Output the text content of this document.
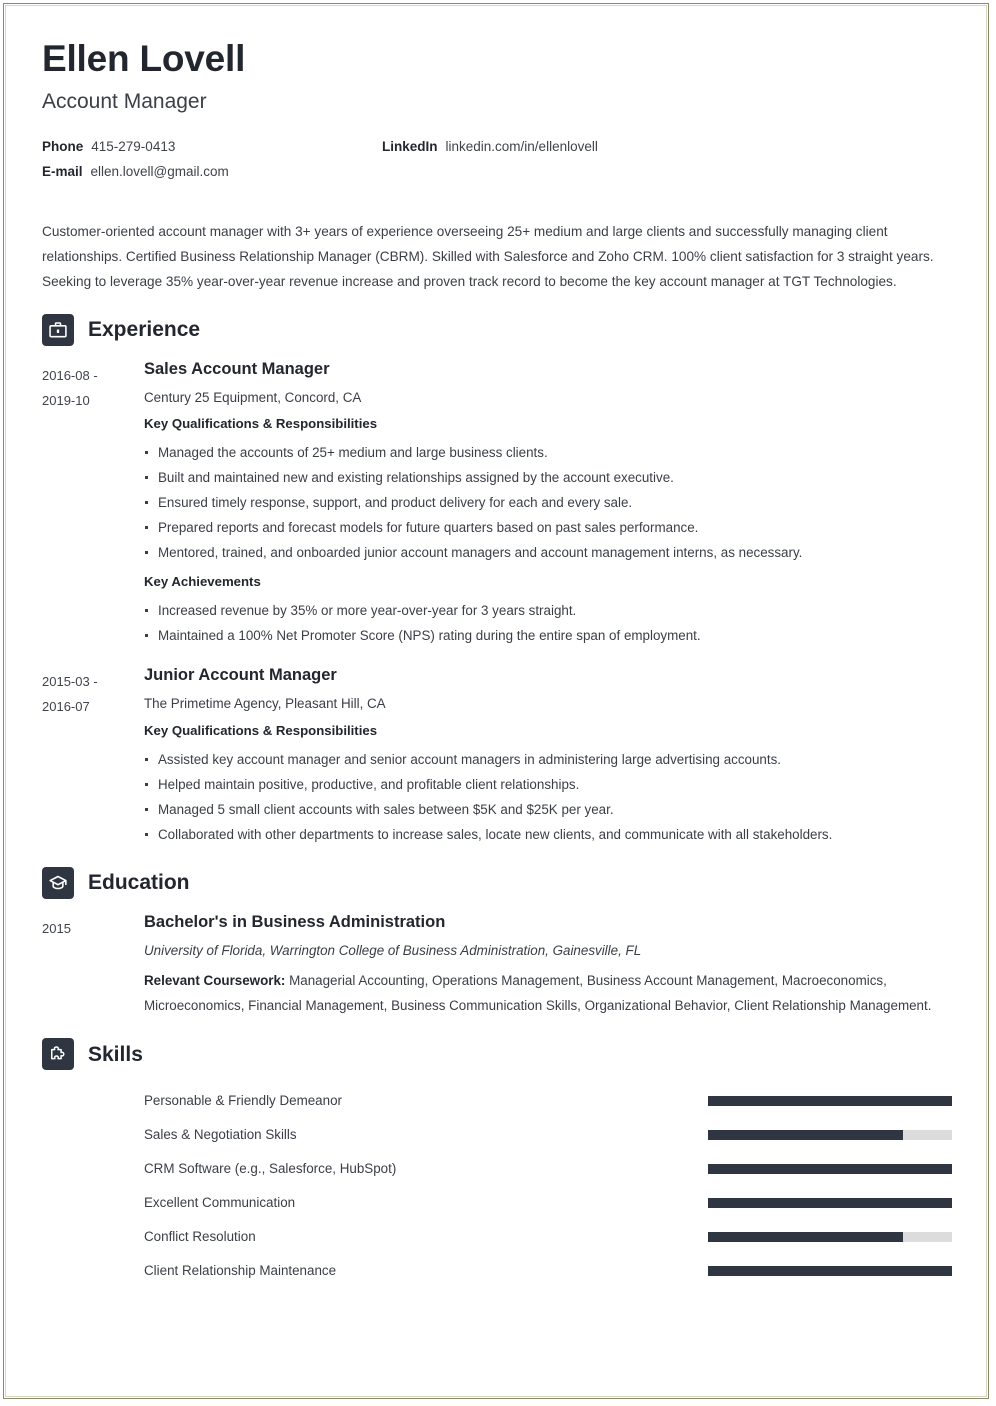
Ellen Lovell
Account Manager
Phone 415-279-0413	LinkedIn linkedin.com/in/ellenlovell
E-mail ellen.lovell@gmail.com
Customer-oriented account manager with 3+ years of experience overseeing 25+ medium and large clients and successfully managing client relationships. Certified Business Relationship Manager (CBRM). Skilled with Salesforce and Zoho CRM. 100% client satisfaction for 3 straight years. Seeking to leverage 35% year-over-year revenue increase and proven track record to become the key account manager at TGT Technologies.
Experience
2016-08 -
2019-10
Sales Account Manager
Century 25 Equipment, Concord, CA
Key Qualifications & Responsibilities
Managed the accounts of 25+ medium and large business clients.
Built and maintained new and existing relationships assigned by the account executive.
Ensured timely response, support, and product delivery for each and every sale.
Prepared reports and forecast models for future quarters based on past sales performance.
Mentored, trained, and onboarded junior account managers and account management interns, as necessary.
Key Achievements
Increased revenue by 35% or more year-over-year for 3 years straight.
Maintained a 100% Net Promoter Score (NPS) rating during the entire span of employment.
2015-03 -
2016-07
Junior Account Manager
The Primetime Agency, Pleasant Hill, CA
Key Qualifications & Responsibilities
Assisted key account manager and senior account managers in administering large advertising accounts.
Helped maintain positive, productive, and profitable client relationships.
Managed 5 small client accounts with sales between $5K and $25K per year.
Collaborated with other departments to increase sales, locate new clients, and communicate with all stakeholders.
Education
2015	Bachelor's in Business Administration
University of Florida, Warrington College of Business Administration, Gainesville, FL
Relevant Coursework: Managerial Accounting, Operations Management, Business Account Management, Macroeconomics, Microeconomics, Financial Management, Business Communication Skills, Organizational Behavior, Client Relationship Management.
Skills
Personable & Friendly Demeanor
Sales & Negotiation Skills
CRM Software (e.g., Salesforce, HubSpot)
Excellent Communication
Conflict Resolution
Client Relationship Maintenance
